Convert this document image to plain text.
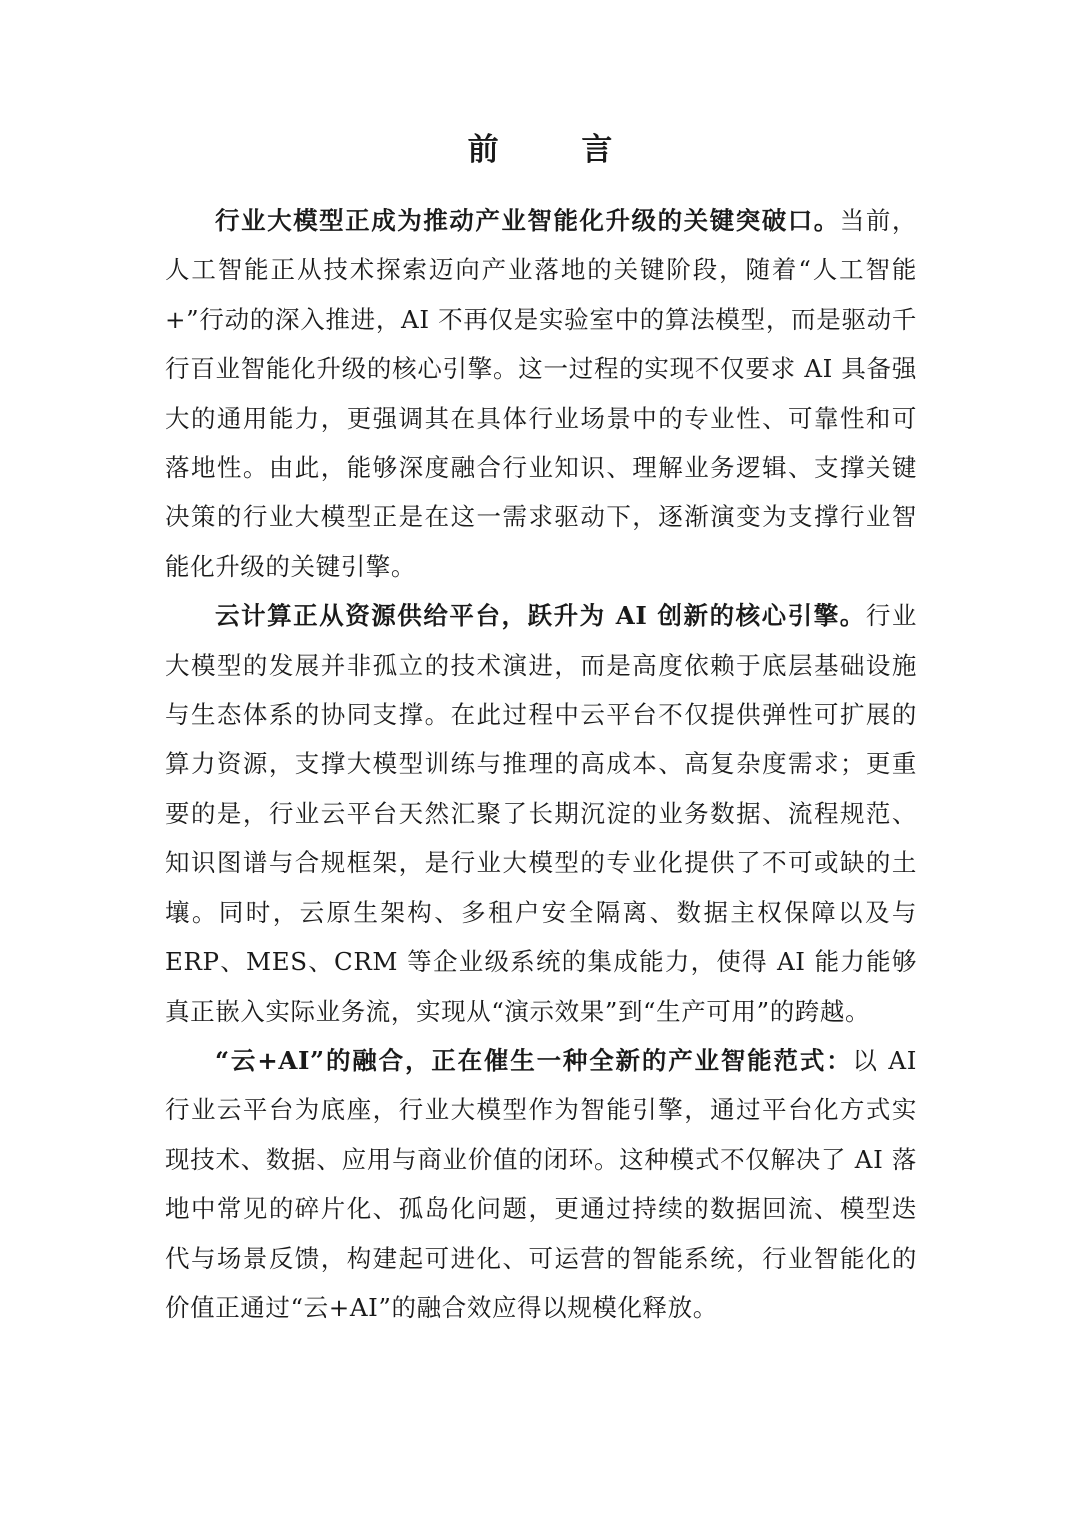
前 言

行业大模型正成为推动产业智能化升级的关键突破口。当前，人工智能正从技术探索迈向产业落地的关键阶段，随着“人工智能+”行动的深入推进，AI 不再仅是实验室中的算法模型，而是驱动千行百业智能化升级的核心引擎。这一过程的实现不仅要求 AI 具备强大的通用能力，更强调其在具体行业场景中的专业性、可靠性和可落地性。由此，能够深度融合行业知识、理解业务逻辑、支撑关键决策的行业大模型正是在这一需求驱动下，逐渐演变为支撑行业智能化升级的关键引擎。

云计算正从资源供给平台，跃升为 AI 创新的核心引擎。行业大模型的发展并非孤立的技术演进，而是高度依赖于底层基础设施与生态体系的协同支撑。在此过程中云平台不仅提供弹性可扩展的算力资源，支撑大模型训练与推理的高成本、高复杂度需求；更重要的是，行业云平台天然汇聚了长期沉淀的业务数据、流程规范、知识图谱与合规框架，是行业大模型的专业化提供了不可或缺的土壤。同时，云原生架构、多租户安全隔离、数据主权保障以及与 ERP、MES、CRM 等企业级系统的集成能力，使得 AI 能力能够真正嵌入实际业务流，实现从“演示效果”到“生产可用”的跨越。

“云+AI”的融合，正在催生一种全新的产业智能范式：以 AI 行业云平台为底座，行业大模型作为智能引擎，通过平台化方式实现技术、数据、应用与商业价值的闭环。这种模式不仅解决了 AI 落地中常见的碎片化、孤岛化问题，更通过持续的数据回流、模型迭代与场景反馈，构建起可进化、可运营的智能系统，行业智能化的价值正通过“云+AI”的融合效应得以规模化释放。
